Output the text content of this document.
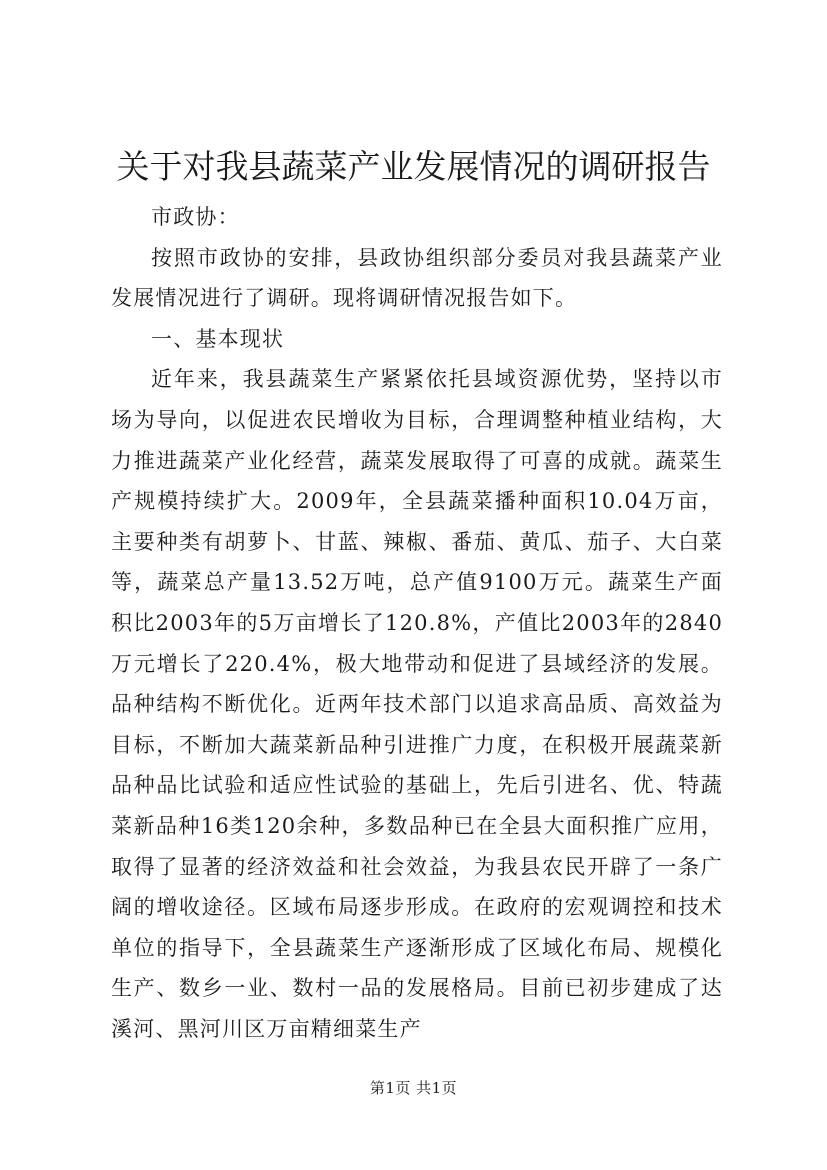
关于对我县蔬菜产业发展情况的调研报告

市政协：

按照市政协的安排，县政协组织部分委员对我县蔬菜产业发展情况进行了调研。现将调研情况报告如下。

一、基本现状

近年来，我县蔬菜生产紧紧依托县域资源优势，坚持以市场为导向，以促进农民增收为目标，合理调整种植业结构，大力推进蔬菜产业化经营，蔬菜发展取得了可喜的成就。蔬菜生产规模持续扩大。2009年，全县蔬菜播种面积10.04万亩，主要种类有胡萝卜、甘蓝、辣椒、番茄、黄瓜、茄子、大白菜等，蔬菜总产量13.52万吨，总产值9100万元。蔬菜生产面积比2003年的5万亩增长了120.8%，产值比2003年的2840万元增长了220.4%，极大地带动和促进了县域经济的发展。品种结构不断优化。近两年技术部门以追求高品质、高效益为目标，不断加大蔬菜新品种引进推广力度，在积极开展蔬菜新品种品比试验和适应性试验的基础上，先后引进名、优、特蔬菜新品种16类120余种，多数品种已在全县大面积推广应用，取得了显著的经济效益和社会效益，为我县农民开辟了一条广阔的增收途径。区域布局逐步形成。在政府的宏观调控和技术单位的指导下，全县蔬菜生产逐渐形成了区域化布局、规模化生产、数乡一业、数村一品的发展格局。目前已初步建成了达溪河、黑河川区万亩精细菜生产

第1页 共1页
